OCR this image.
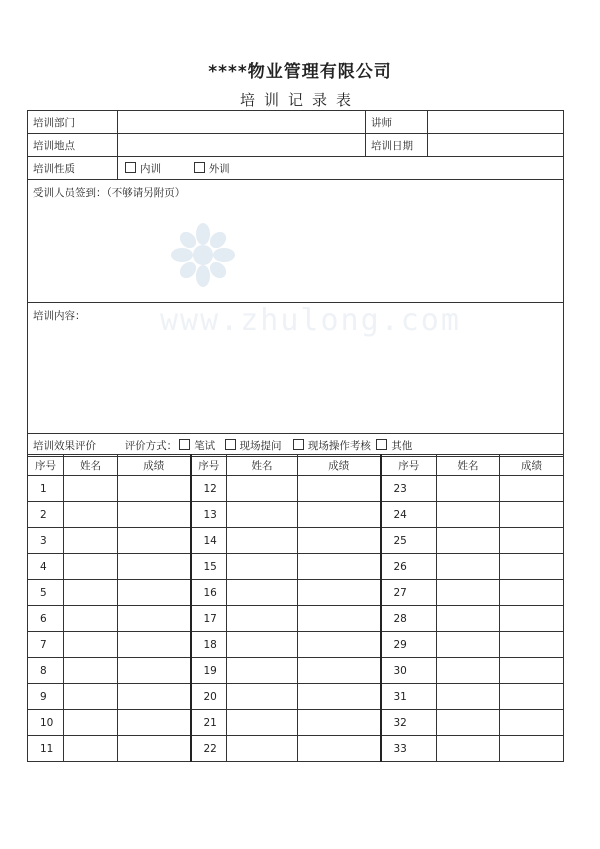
****物业管理有限公司
培训记录表
培训部门		讲师	
培训地点		培训日期	
培训性质	内训 外训		
受训人员签到：（不够请另附页）			
培训内容：			
培训效果评价 评价方式： 笔试 现场提问 现场操作考核 其他			
序号	姓名	成绩	序号	姓名	成绩	序号	姓名	成绩
1			12			23		
2			13			24		
3			14			25		
4			15			26		
5			16			27		
6			17			28		
7			18			29		
8			19			30		
9			20			31		
10			21			32		
11			22			33		
www.zhulong.com
